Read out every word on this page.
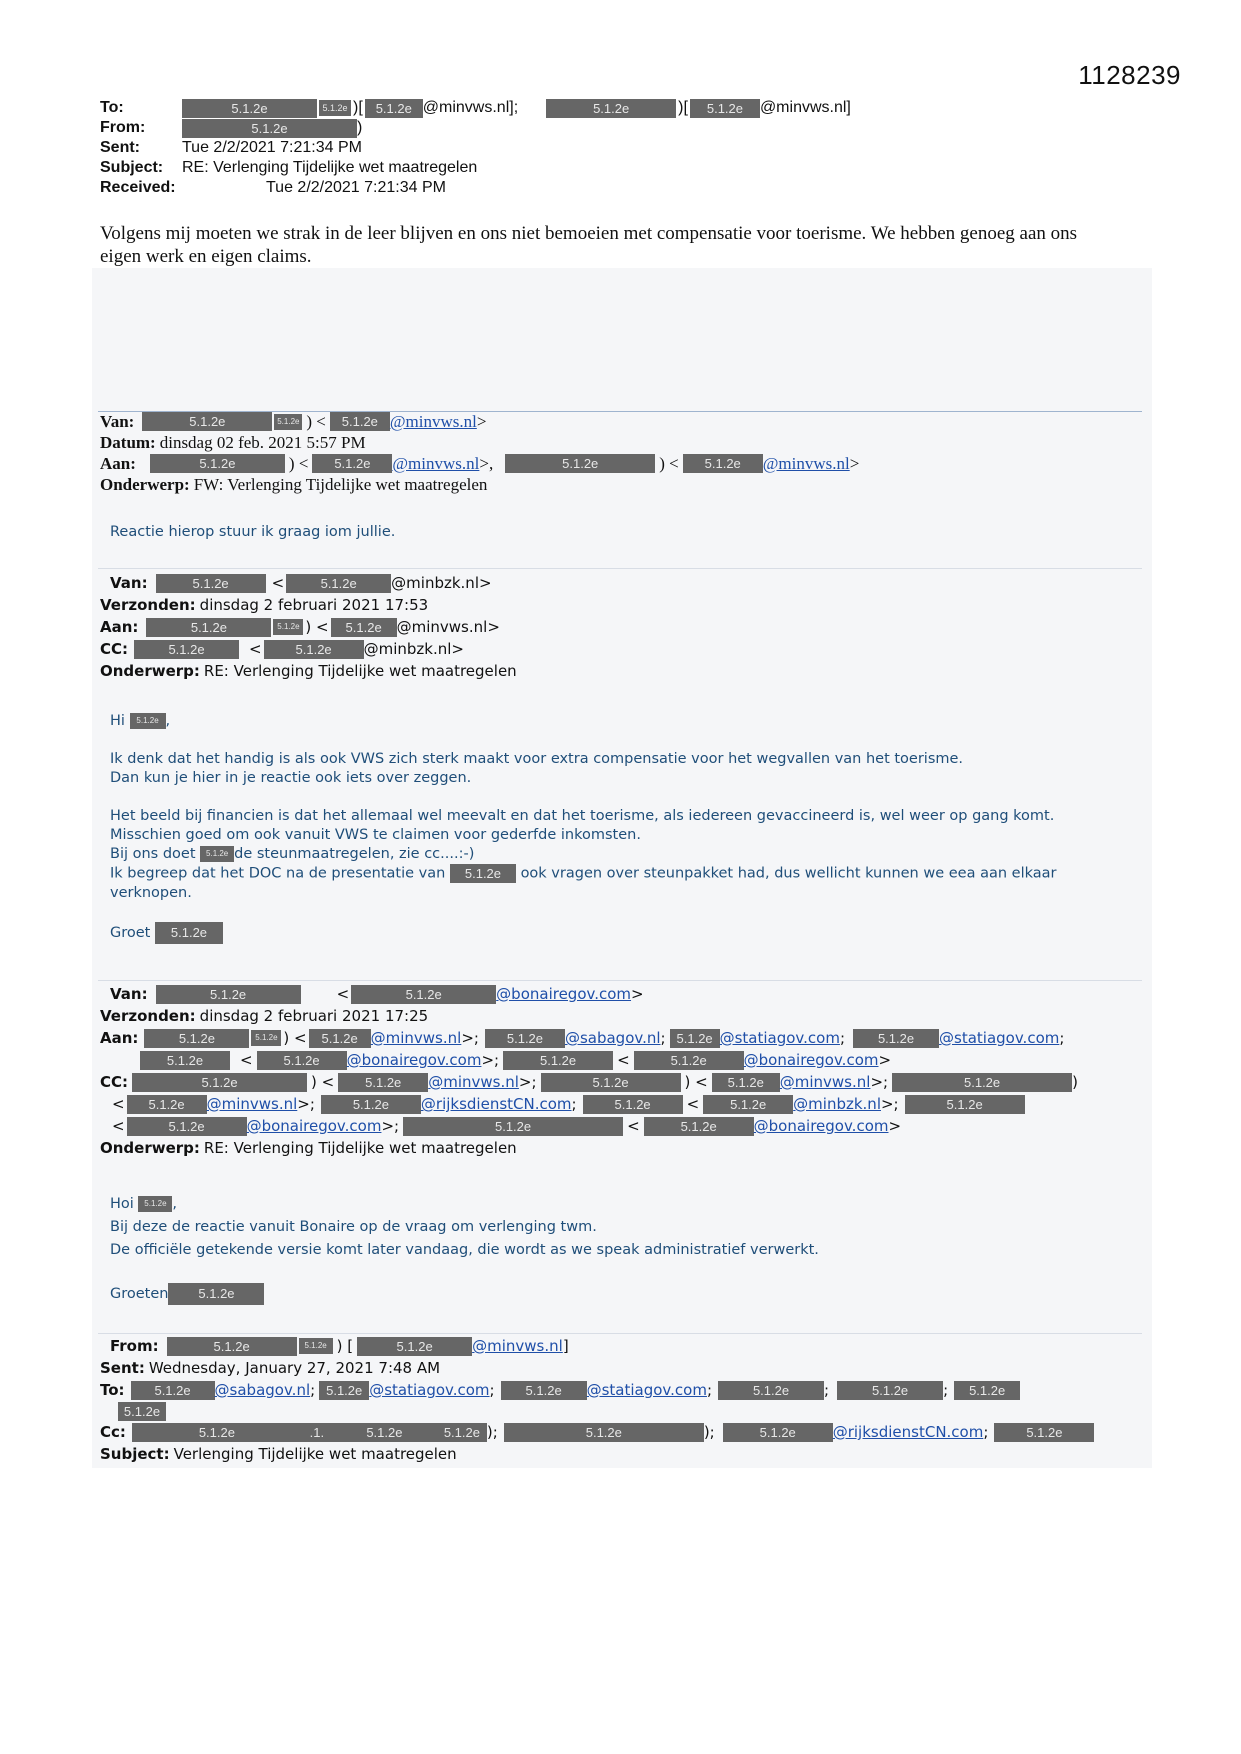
1128239
To:	5.1.2e	5.1.2e )[ 5.1.2e @minvws.nl];	5.1.2e	)[	5.1.2e	@minvws.nl]
From:	5.1.2e	)
Sent:	Tue 2/2/2021 7:21:34 PM
Subject:	RE: Verlenging Tijdelijke wet maatregelen
Received:	Tue 2/2/2021 7:21:34 PM
Volgens mij moeten we strak in de leer blijven en ons niet bemoeien met compensatie voor toerisme. We hebben genoeg aan ons eigen werk en eigen claims.
Van:	5.1.2e	5.1.2e ) <	5.1.2e @minvws.nl >
Datum: dinsdag 02 feb. 2021 5:57 PM
Aan:	5.1.2e	) <	5.1.2e	@minvws.nl >,	5.1.2e	) <	5.1.2e	@minvws.nl >
Onderwerp: FW: Verlenging Tijdelijke wet maatregelen
Reactie hierop stuur ik graag iom jullie.
Van:	5.1.2e	<	5.1.2e	@minbzk.nl>
Verzonden: dinsdag 2 februari 2021 17:53
Aan:	5.1.2e	5.1.2e ) <	5.1.2e @minvws.nl>
CC:	5.1.2e	<	5.1.2e	@minbzk.nl>
Onderwerp: RE: Verlenging Tijdelijke wet maatregelen

Hi 5.1.2e ,

Ik denk dat het handig is als ook VWS zich sterk maakt voor extra compensatie voor het wegvallen van het toerisme.

Dan kun je hier in je reactie ook iets over zeggen.

Het beeld bij financien is dat het allemaal wel meevalt en dat het toerisme, als iedereen gevaccineerd is, wel weer op gang komt.

Misschien goed om ook vanuit VWS te claimen voor gederfde inkomsten.

Bij ons doet 5.1.2e de steunmaatregelen, zie cc....:-)

Ik begreep dat het DOC na de presentatie van 5.1.2e ook vragen over steunpakket had, dus wellicht kunnen we eea aan elkaar

verknopen.

Groet 5.1.2e

Van:	5.1.2e	<	5.1.2e	@bonairegov.com >
Verzonden: dinsdag 2 februari 2021 17:25
Aan:	5.1.2e	5.1.2e ) <	5.1.2e @minvws.nl >;	5.1.2e	@sabagov.nl ; 5.1.2e @statiagov.com ;	5.1.2e	@statiagov.com ;
5.1.2e	<	5.1.2e	@bonairegov.com >;	5.1.2e	<	5.1.2e	@bonairegov.com >
CC:	5.1.2e	) <	5.1.2e	@minvws.nl >;	5.1.2e	) <	5.1.2e	@minvws.nl >;	5.1.2e	)
<	5.1.2e	@minvws.nl >;	5.1.2e	@rijksdienstCN.com ;	5.1.2e	<	5.1.2e	@minbzk.nl >;	5.1.2e
<	5.1.2e	@bonairegov.com >;	5.1.2e	<	5.1.2e	@bonairegov.com >
Onderwerp: RE: Verlenging Tijdelijke wet maatregelen

Hoi 5.1.2e ,

Bij deze de reactie vanuit Bonaire op de vraag om verlenging twm.

De officiële getekende versie komt later vandaag, die wordt as we speak administratief verwerkt.

Groeten 5.1.2e

From:	5.1.2e	5.1.2e ) [	5.1.2e	@minvws.nl ]
Sent: Wednesday, January 27, 2021 7:48 AM
To:	5.1.2e	@sabagov.nl ; 5.1.2e @statiagov.com ;	5.1.2e	@statiagov.com ;	5.1.2e	;	5.1.2e	;	5.1.2e
5.1.2e
Cc:	5.1.2e	.1.	5.1.2e	5.1.2e );	5.1.2e	);	5.1.2e	@rijksdienstCN.com ;	5.1.2e
Subject: Verlenging Tijdelijke wet maatregelen
